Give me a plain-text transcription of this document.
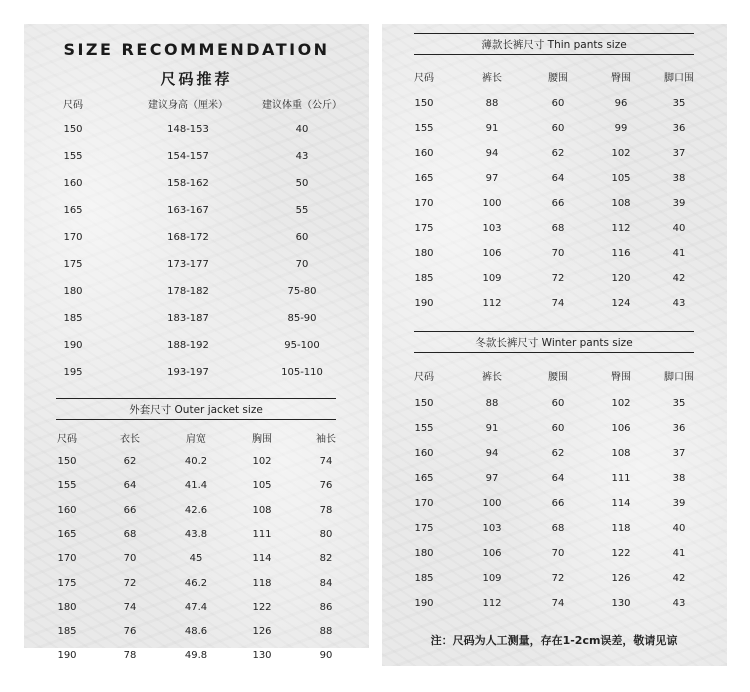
SIZE RECOMMENDATION
尺码推荐
尺码	建议身高（厘米）	建议体重（公斤）
150	148-153	40
155	154-157	43
160	158-162	50
165	163-167	55
170	168-172	60
175	173-177	70
180	178-182	75-80
185	183-187	85-90
190	188-192	95-100
195	193-197	105-110
外套尺寸 Outer jacket size
尺码	衣长	肩宽	胸围	袖长
150	62	40.2	102	74
155	64	41.4	105	76
160	66	42.6	108	78
165	68	43.8	111	80
170	70	45	114	82
175	72	46.2	118	84
180	74	47.4	122	86
185	76	48.6	126	88
190	78	49.8	130	90
薄款长裤尺寸 Thin pants size
尺码	裤长	腰围	臀围	脚口围
150	88	60	96	35
155	91	60	99	36
160	94	62	102	37
165	97	64	105	38
170	100	66	108	39
175	103	68	112	40
180	106	70	116	41
185	109	72	120	42
190	112	74	124	43
冬款长裤尺寸 Winter pants size
尺码	裤长	腰围	臀围	脚口围
150	88	60	102	35
155	91	60	106	36
160	94	62	108	37
165	97	64	111	38
170	100	66	114	39
175	103	68	118	40
180	106	70	122	41
185	109	72	126	42
190	112	74	130	43
注：尺码为人工测量，存在1-2cm误差，敬请见谅
